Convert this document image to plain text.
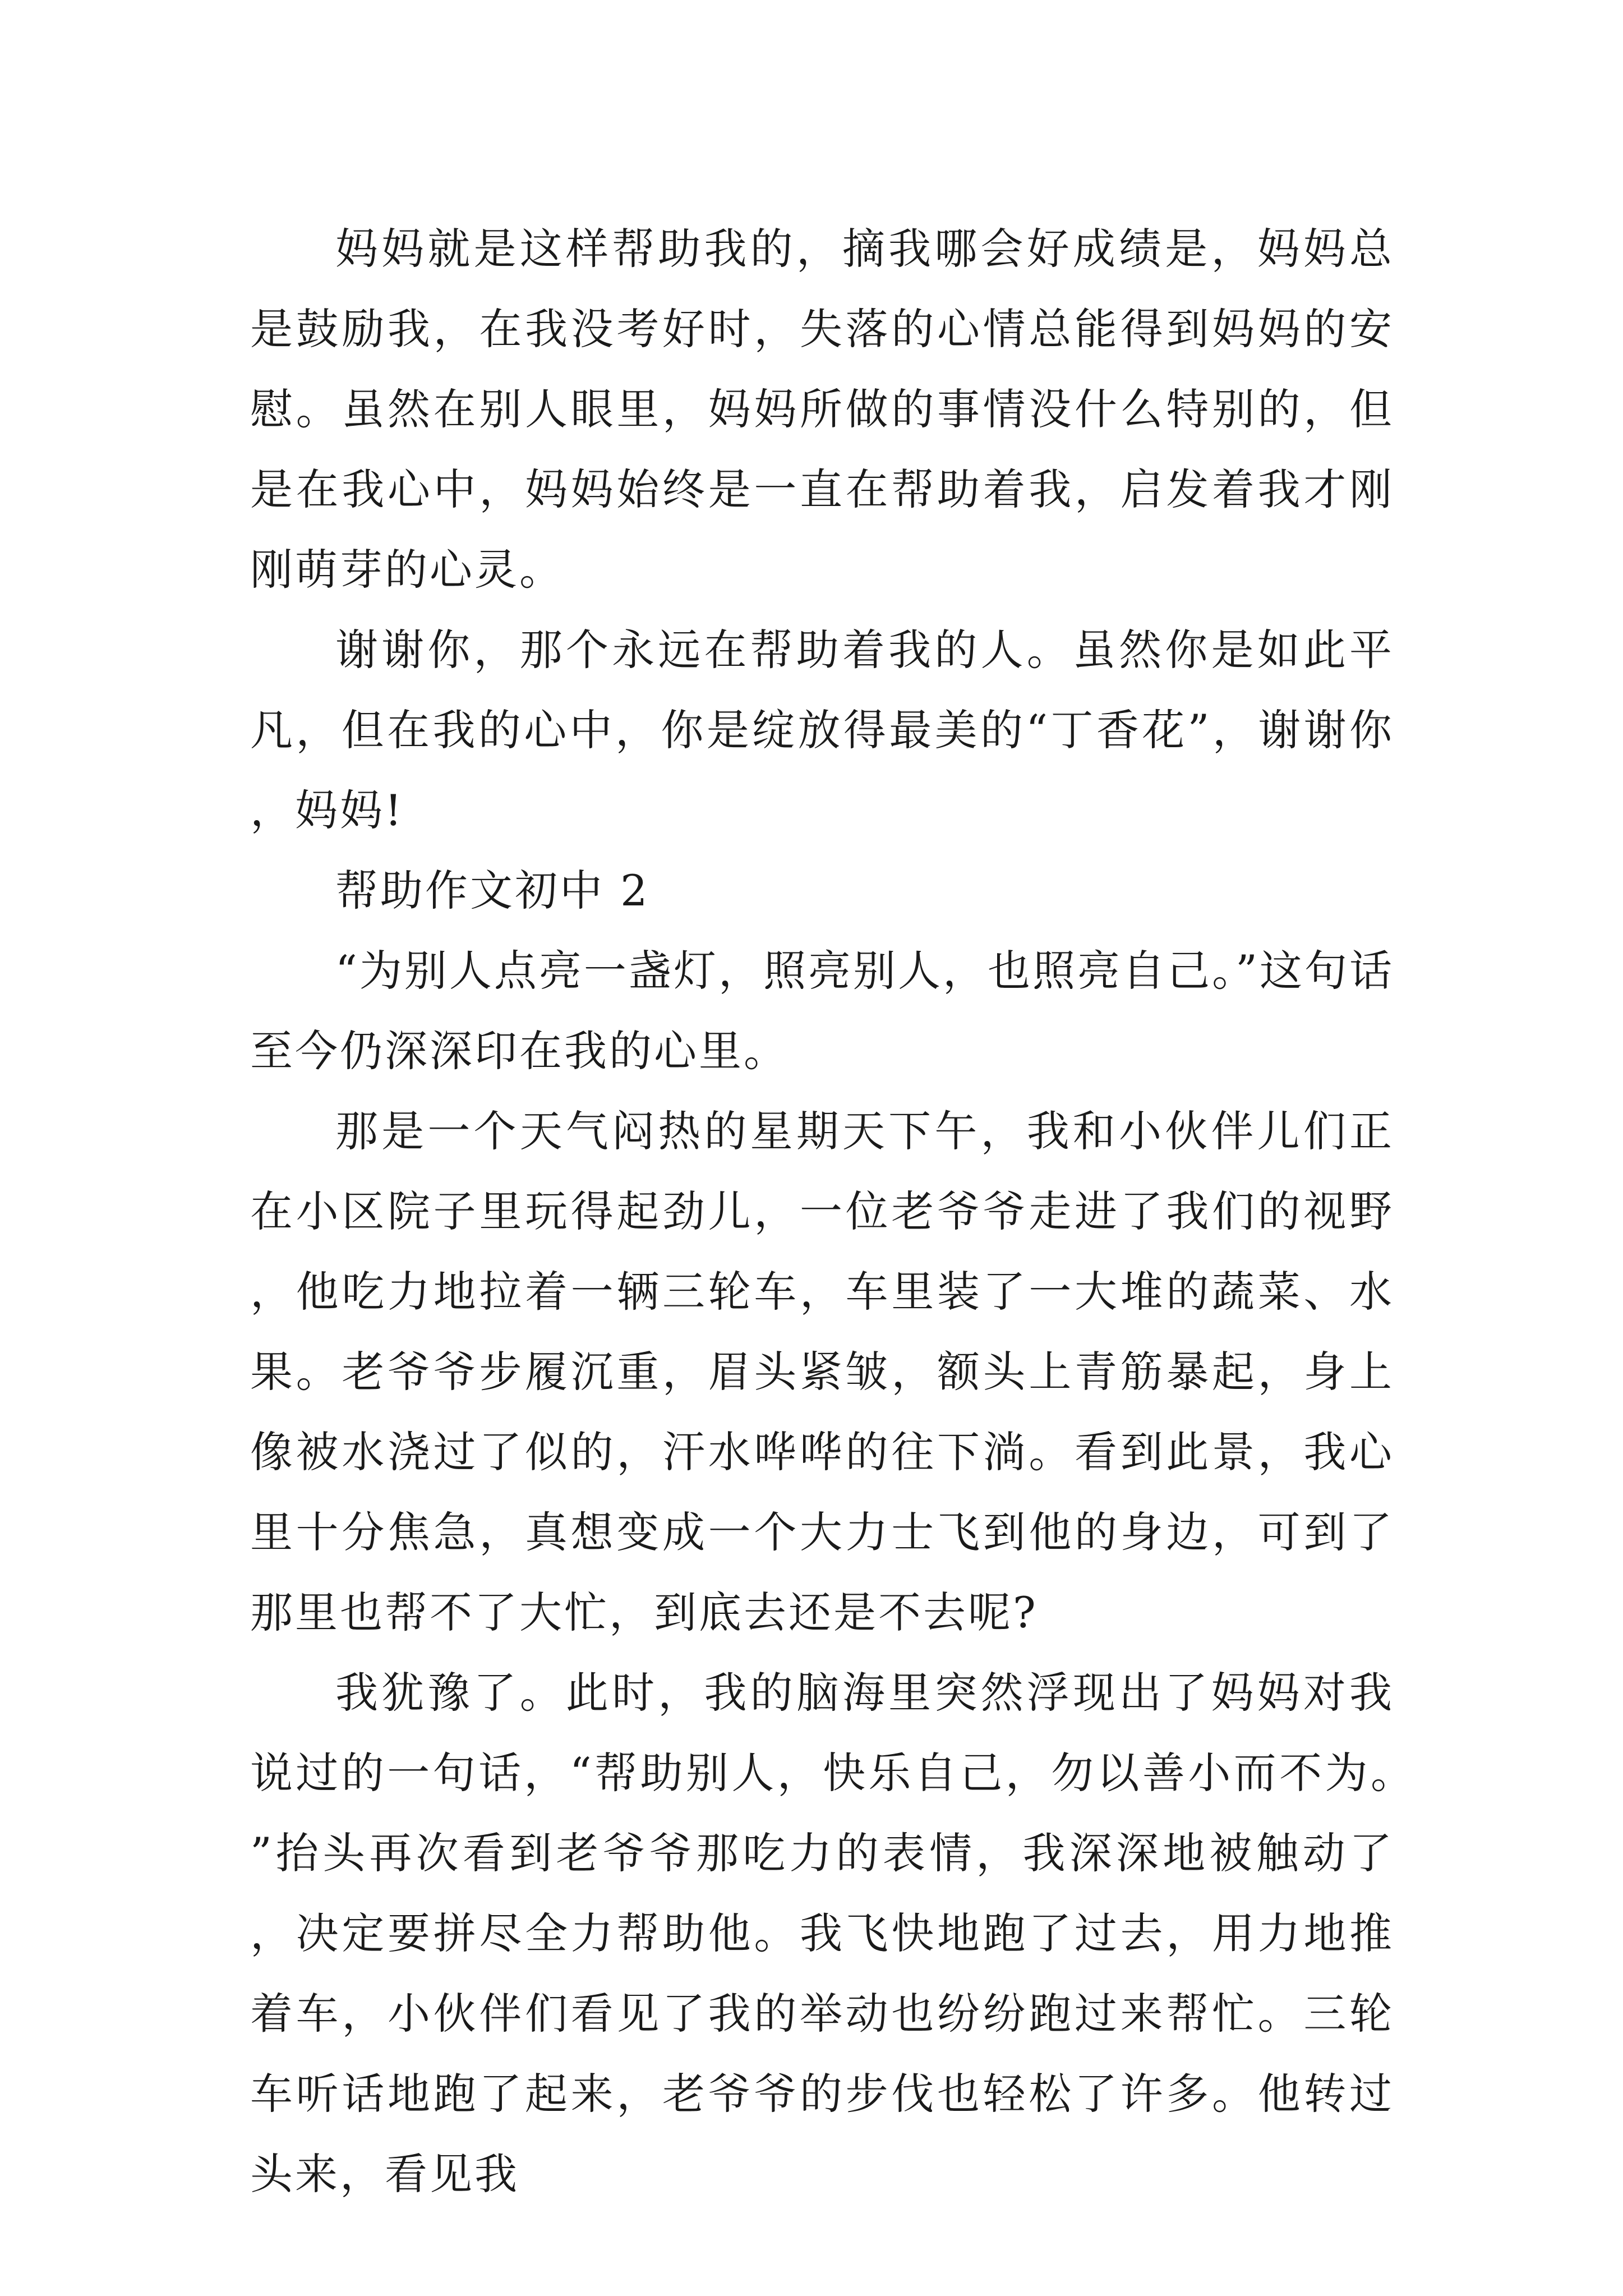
妈妈就是这样帮助我的，摘我哪会好成绩是，妈妈总是鼓励我，在我没考好时，失落的心情总能得到妈妈的安慰。虽然在别人眼里，妈妈所做的事情没什么特别的，但是在我心中，妈妈始终是一直在帮助着我，启发着我才刚刚萌芽的心灵。

谢谢你，那个永远在帮助着我的人。虽然你是如此平凡，但在我的心中，你是绽放得最美的“丁香花”，谢谢你，妈妈!

帮助作文初中 2

“为别人点亮一盏灯，照亮别人，也照亮自己。”这句话至今仍深深印在我的心里。

那是一个天气闷热的星期天下午，我和小伙伴儿们正在小区院子里玩得起劲儿，一位老爷爷走进了我们的视野，他吃力地拉着一辆三轮车，车里装了一大堆的蔬菜、水果。老爷爷步履沉重，眉头紧皱，额头上青筋暴起，身上像被水浇过了似的，汗水哗哗的往下淌。看到此景，我心里十分焦急，真想变成一个大力士飞到他的身边，可到了那里也帮不了大忙，到底去还是不去呢?

我犹豫了。此时，我的脑海里突然浮现出了妈妈对我说过的一句话，“帮助别人，快乐自己，勿以善小而不为。”抬头再次看到老爷爷那吃力的表情，我深深地被触动了，决定要拼尽全力帮助他。我飞快地跑了过去，用力地推着车，小伙伴们看见了我的举动也纷纷跑过来帮忙。三轮车听话地跑了起来，老爷爷的步伐也轻松了许多。他转过头来，看见我
